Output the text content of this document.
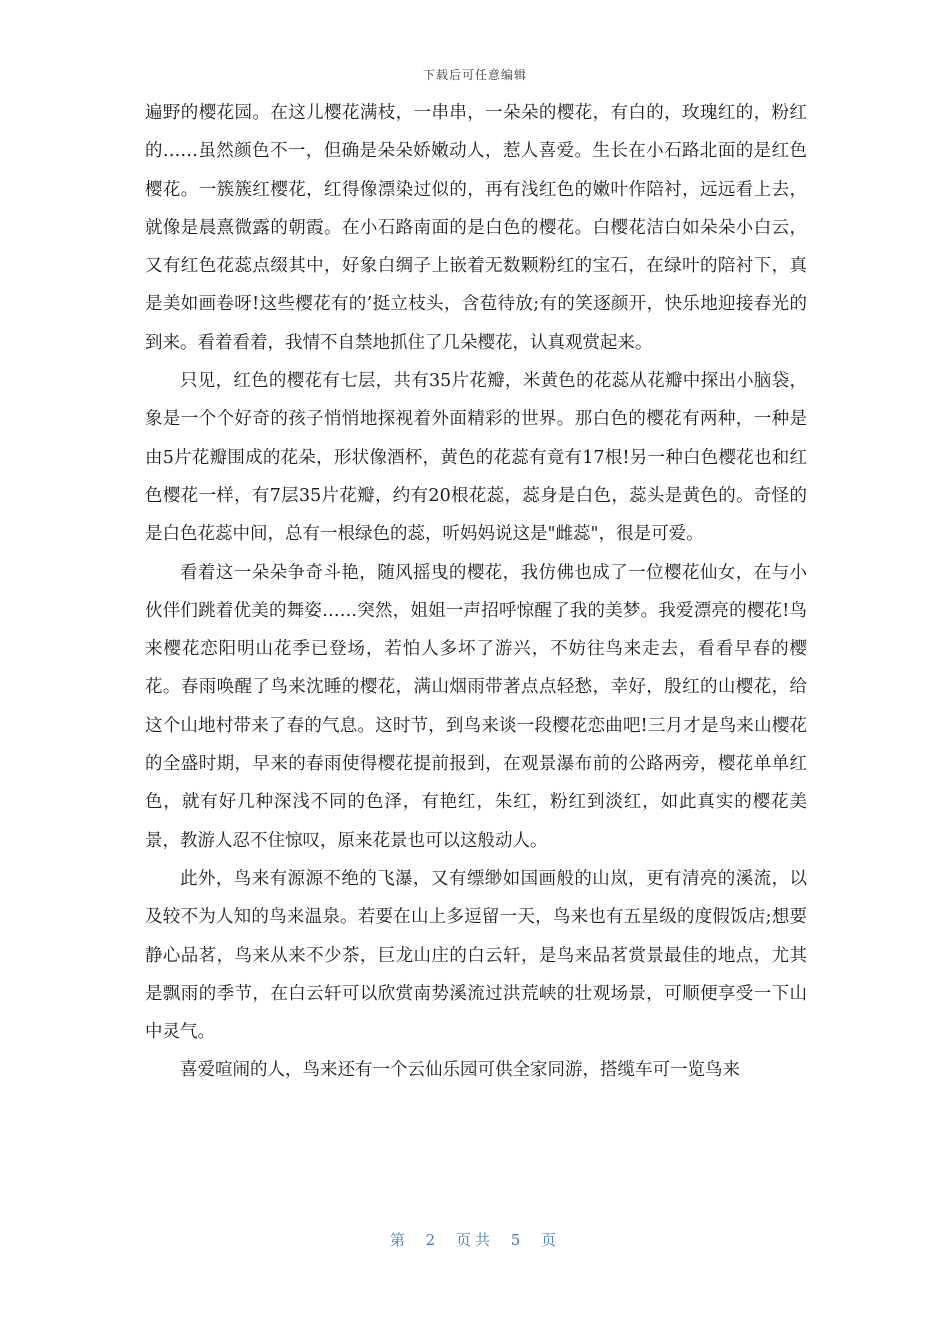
下载后可任意编辑

遍野的樱花园。在这儿樱花满枝，一串串，一朵朵的樱花，有白的，玫瑰红的，粉红的……虽然颜色不一，但确是朵朵娇嫩动人，惹人喜爱。生长在小石路北面的是红色樱花。一簇簇红樱花，红得像漂染过似的，再有浅红色的嫩叶作陪衬，远远看上去，就像是晨熹微露的朝霞。在小石路南面的是白色的樱花。白樱花洁白如朵朵小白云，又有红色花蕊点缀其中，好象白绸子上嵌着无数颗粉红的宝石，在绿叶的陪衬下，真是美如画卷呀!这些樱花有的’挺立枝头，含苞待放;有的笑逐颜开，快乐地迎接春光的到来。看着看着，我情不自禁地抓住了几朵樱花，认真观赏起来。

只见，红色的樱花有七层，共有35片花瓣，米黄色的花蕊从花瓣中探出小脑袋，象是一个个好奇的孩子悄悄地探视着外面精彩的世界。那白色的樱花有两种，一种是由5片花瓣围成的花朵，形状像酒杯，黄色的花蕊有竟有17根!另一种白色樱花也和红色樱花一样，有7层35片花瓣，约有20根花蕊，蕊身是白色，蕊头是黄色的。奇怪的是白色花蕊中间，总有一根绿色的蕊，听妈妈说这是"雌蕊"，很是可爱。

看着这一朵朵争奇斗艳，随风摇曳的樱花，我仿佛也成了一位樱花仙女，在与小伙伴们跳着优美的舞姿……突然，姐姐一声招呼惊醒了我的美梦。我爱漂亮的樱花!鸟来樱花恋阳明山花季已登场，若怕人多坏了游兴，不妨往鸟来走去，看看早春的樱花。春雨唤醒了鸟来沈睡的樱花，满山烟雨带著点点轻愁，幸好，殷红的山樱花，给这个山地村带来了春的气息。这时节，到鸟来谈一段樱花恋曲吧!三月才是鸟来山樱花的全盛时期，早来的春雨使得樱花提前报到，在观景瀑布前的公路两旁，樱花单单红色，就有好几种深浅不同的色泽，有艳红，朱红，粉红到淡红，如此真实的樱花美景，教游人忍不住惊叹，原来花景也可以这般动人。

此外，鸟来有源源不绝的飞瀑，又有缥缈如国画般的山岚，更有清亮的溪流，以及较不为人知的鸟来温泉。若要在山上多逗留一天，鸟来也有五星级的度假饭店;想要静心品茗，鸟来从来不少茶，巨龙山庄的白云轩，是鸟来品茗赏景最佳的地点，尤其是飘雨的季节，在白云轩可以欣赏南势溪流过洪荒峡的壮观场景，可顺便享受一下山中灵气。

喜爱喧闹的人，鸟来还有一个云仙乐园可供全家同游，搭缆车可一览鸟来

第 2 页共 5 页
